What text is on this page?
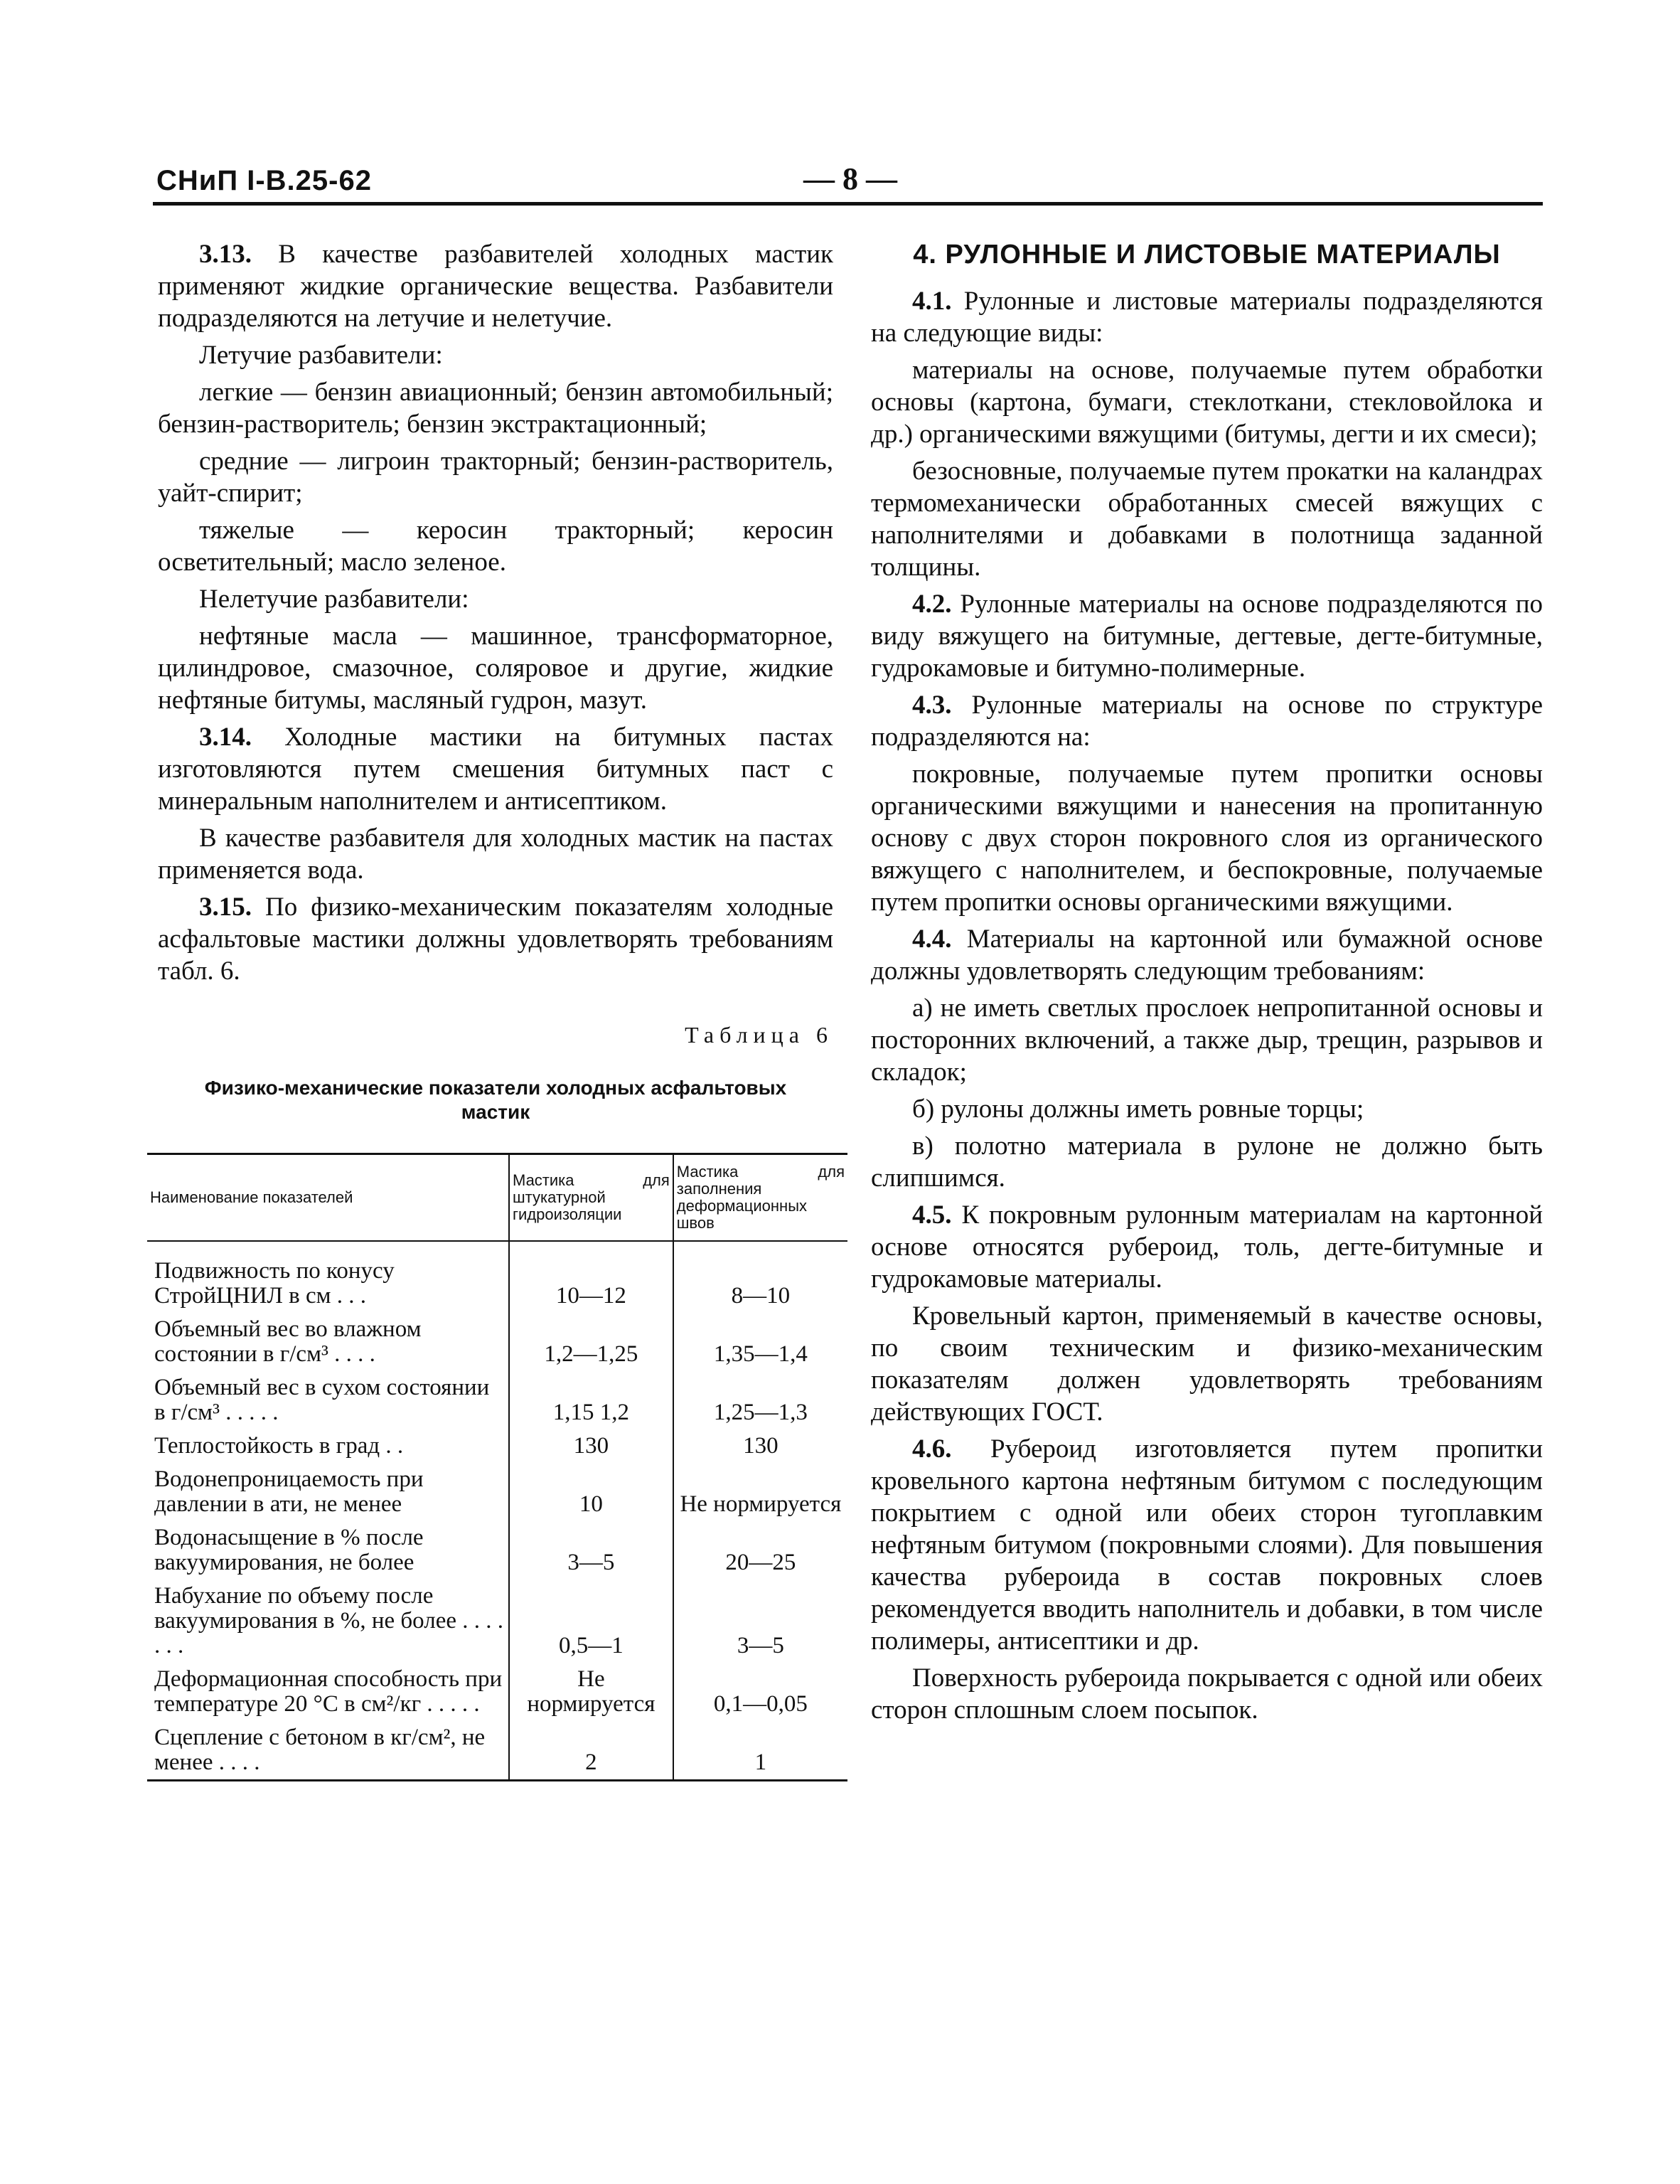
СНиП I-В.25-62	— 8 —

3.13. В качестве разбавителей холодных мастик применяют жидкие органические вещества. Разбавители подразделяются на летучие и нелетучие.

Летучие разбавители:

легкие — бензин авиационный; бензин автомобильный; бензин-растворитель; бензин экстрактационный;

средние — лигроин тракторный; бензин-растворитель, уайт-спирит;

тяжелые — керосин тракторный; керосин осветительный; масло зеленое.

Нелетучие разбавители:

нефтяные масла — машинное, трансформаторное, цилиндровое, смазочное, соляровое и другие, жидкие нефтяные битумы, масляный гудрон, мазут.

3.14. Холодные мастики на битумных пастах изготовляются путем смешения битумных паст с минеральным наполнителем и антисептиком.

В качестве разбавителя для холодных мастик на пастах применяется вода.

3.15. По физико-механическим показателям холодные асфальтовые мастики должны удовлетворять требованиям табл. 6.

Таблица 6
Физико-механические показатели холодных асфальтовых мастик
Наименование показателей	Мастика для штукатурной гидроизоляции	Мастика для заполнения деформационных швов
Подвижность по конусу СтройЦНИЛ в см . . .	10—12	8—10
Объемный вес во влажном состоянии в г/см³ . . . .	1,2—1,25	1,35—1,4
Объемный вес в сухом состоянии в г/см³ . . . . .	1,15 1,2	1,25—1,3
Теплостойкость в град . .	130	130
Водонепроницаемость при давлении в ати, не менее	10	Не нормируется
Водонасыщение в % после вакуумирования, не более	3—5	20—25
Набухание по объему после вакуумирования в %, не более . . . . . . .	0,5—1	3—5
Деформационная способность при температуре 20 °С в см²/кг . . . . .	Не нормируется	0,1—0,05
Сцепление с бетоном в кг/см², не менее . . . .	2	1
4. РУЛОННЫЕ И ЛИСТОВЫЕ МАТЕРИАЛЫ

4.1. Рулонные и листовые материалы подразделяются на следующие виды:

материалы на основе, получаемые путем обработки основы (картона, бумаги, стеклоткани, стекловойлока и др.) органическими вяжущими (битумы, дегти и их смеси);

безосновные, получаемые путем прокатки на каландрах термомеханически обработанных смесей вяжущих с наполнителями и добавками в полотнища заданной толщины.

4.2. Рулонные материалы на основе подразделяются по виду вяжущего на битумные, дегтевые, дегте-битумные, гудрокамовые и битумно-полимерные.

4.3. Рулонные материалы на основе по структуре подразделяются на:

покровные, получаемые путем пропитки основы органическими вяжущими и нанесения на пропитанную основу с двух сторон покровного слоя из органического вяжущего с наполнителем, и беспокровные, получаемые путем пропитки основы органическими вяжущими.

4.4. Материалы на картонной или бумажной основе должны удовлетворять следующим требованиям:

а) не иметь светлых прослоек непропитанной основы и посторонних включений, а также дыр, трещин, разрывов и складок;

б) рулоны должны иметь ровные торцы;

в) полотно материала в рулоне не должно быть слипшимся.

4.5. К покровным рулонным материалам на картонной основе относятся рубероид, толь, дегте-битумные и гудрокамовые материалы.

Кровельный картон, применяемый в качестве основы, по своим техническим и физико-механическим показателям должен удовлетворять требованиям действующих ГОСТ.

4.6. Рубероид изготовляется путем пропитки кровельного картона нефтяным битумом с последующим покрытием с одной или обеих сторон тугоплавким нефтяным битумом (покровными слоями). Для повышения качества рубероида в состав покровных слоев рекомендуется вводить наполнитель и добавки, в том числе полимеры, антисептики и др.

Поверхность рубероида покрывается с одной или обеих сторон сплошным слоем посыпок.
